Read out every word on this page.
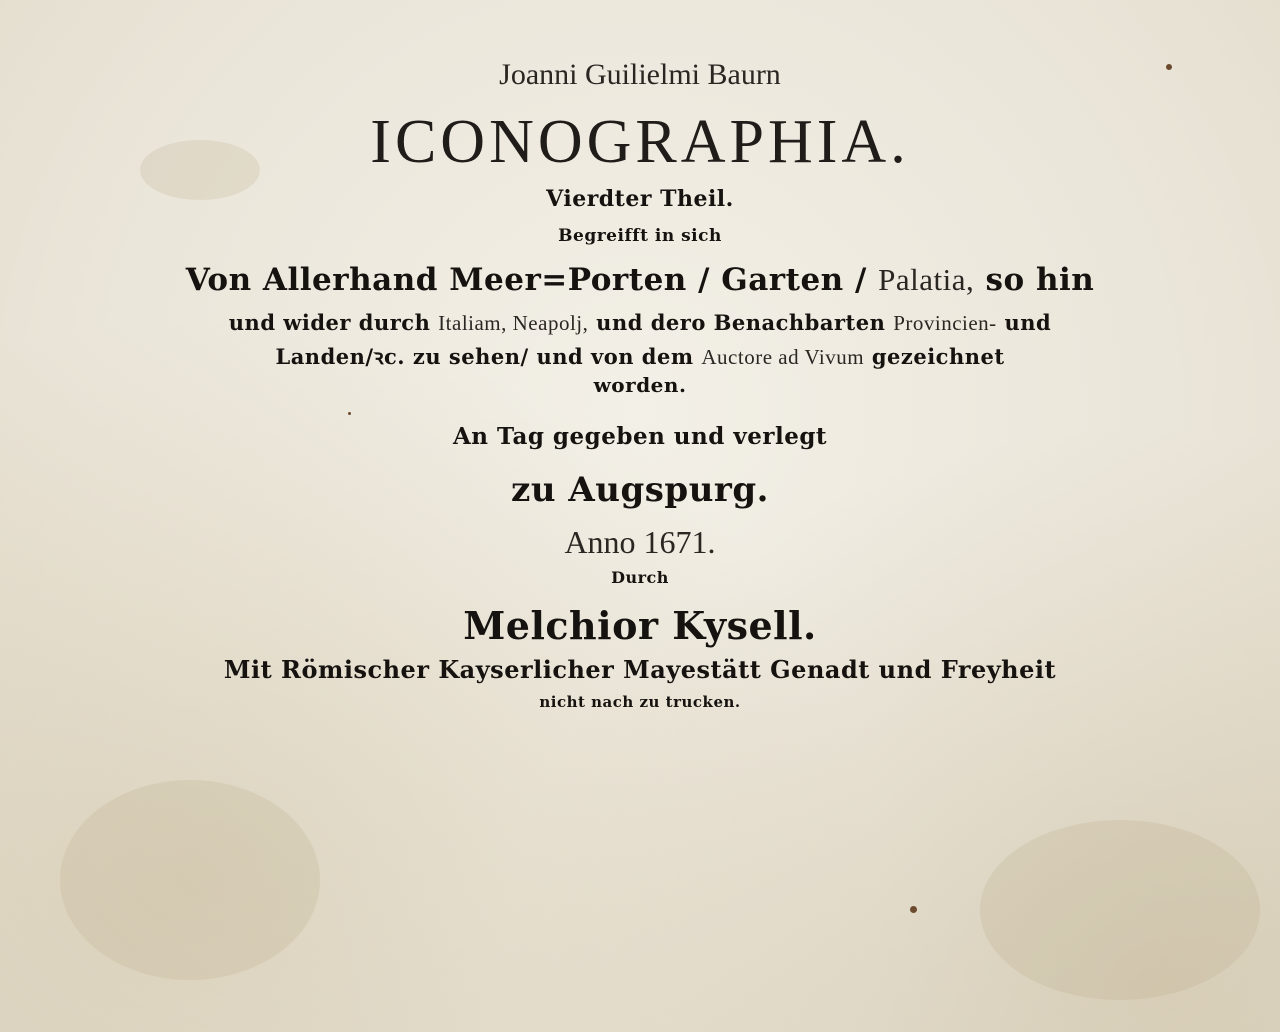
Joanni Guilielmi Baurn

ICONOGRAPHIA.

Vierdter Theil.

Begreifft in sich

Von Allerhand Meer=Porten / Garten / Palatia, so hin

und wider durch Italiam, Neapolj, und dero Benachbarten Provincien- und

Landen/ꝛc. zu sehen/ und von dem Auctore ad Vivum gezeichnet

worden.

An Tag gegeben und verlegt

zu Augspurg.

Anno 1671.

Durch

Melchior Kysell.

Mit Römischer Kayserlicher Mayestätt Genadt und Freyheit

nicht nach zu trucken.
